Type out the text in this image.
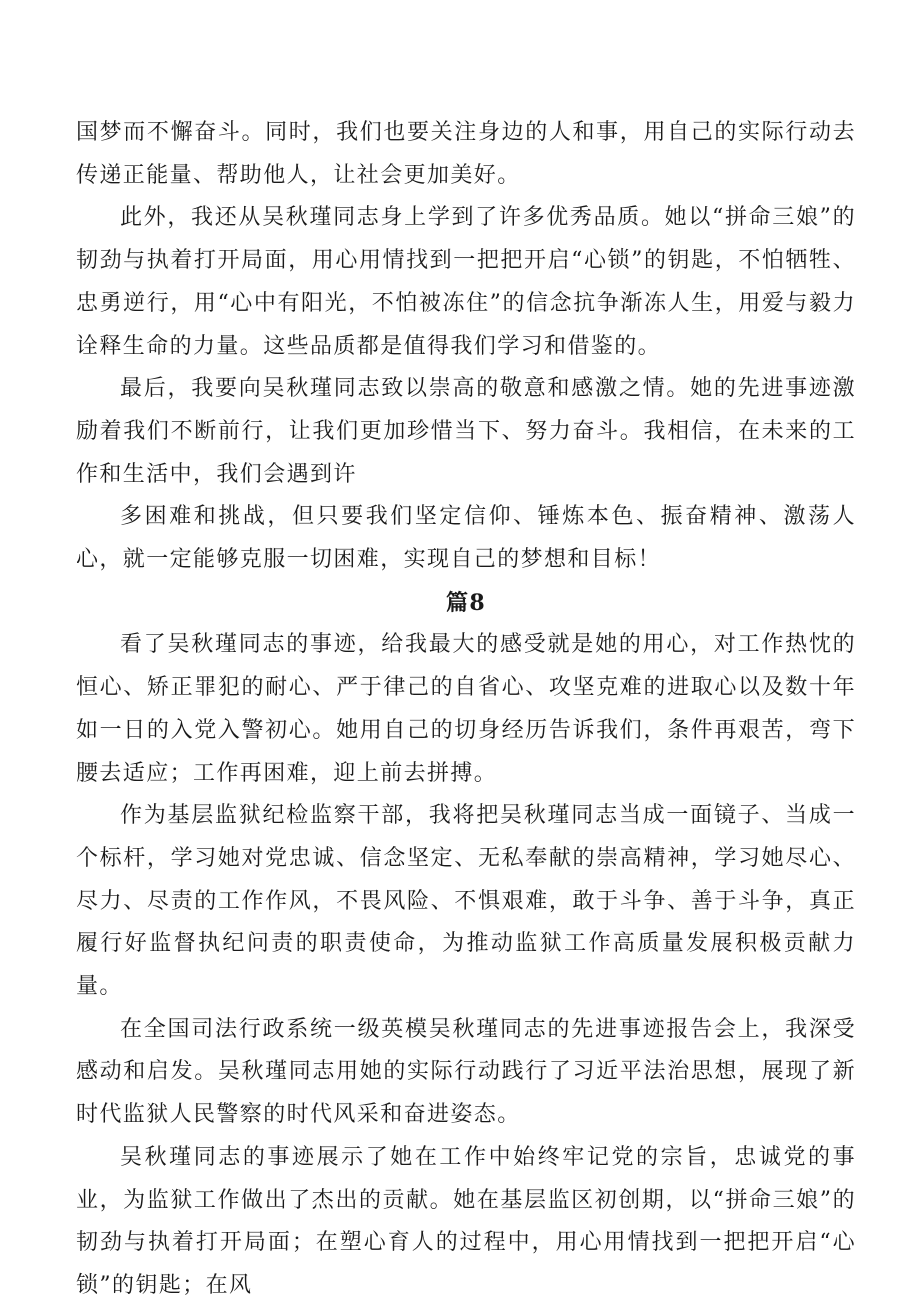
国梦而不懈奋斗。同时，我们也要关注身边的人和事，用自己的实际行动去传递正能量、帮助他人，让社会更加美好。

此外，我还从吴秋瑾同志身上学到了许多优秀品质。她以“拼命三娘”的韧劲与执着打开局面，用心用情找到一把把开启“心锁”的钥匙，不怕牺牲、忠勇逆行，用“心中有阳光，不怕被冻住”的信念抗争渐冻人生，用爱与毅力诠释生命的力量。这些品质都是值得我们学习和借鉴的。

最后，我要向吴秋瑾同志致以崇高的敬意和感激之情。她的先进事迹激励着我们不断前行，让我们更加珍惜当下、努力奋斗。我相信，在未来的工作和生活中，我们会遇到许

多困难和挑战，但只要我们坚定信仰、锤炼本色、振奋精神、激荡人心，就一定能够克服一切困难，实现自己的梦想和目标！

篇8

看了吴秋瑾同志的事迹，给我最大的感受就是她的用心，对工作热忱的恒心、矫正罪犯的耐心、严于律己的自省心、攻坚克难的进取心以及数十年如一日的入党入警初心。她用自己的切身经历告诉我们，条件再艰苦，弯下腰去适应；工作再困难，迎上前去拼搏。

作为基层监狱纪检监察干部，我将把吴秋瑾同志当成一面镜子、当成一个标杆，学习她对党忠诚、信念坚定、无私奉献的崇高精神，学习她尽心、尽力、尽责的工作作风，不畏风险、不惧艰难，敢于斗争、善于斗争，真正履行好监督执纪问责的职责使命，为推动监狱工作高质量发展积极贡献力量。

在全国司法行政系统一级英模吴秋瑾同志的先进事迹报告会上，我深受感动和启发。吴秋瑾同志用她的实际行动践行了习近平法治思想，展现了新时代监狱人民警察的时代风采和奋进姿态。

吴秋瑾同志的事迹展示了她在工作中始终牢记党的宗旨，忠诚党的事业，为监狱工作做出了杰出的贡献。她在基层监区初创期，以“拼命三娘”的韧劲与执着打开局面；在塑心育人的过程中，用心用情找到一把把开启“心锁”的钥匙；在风
